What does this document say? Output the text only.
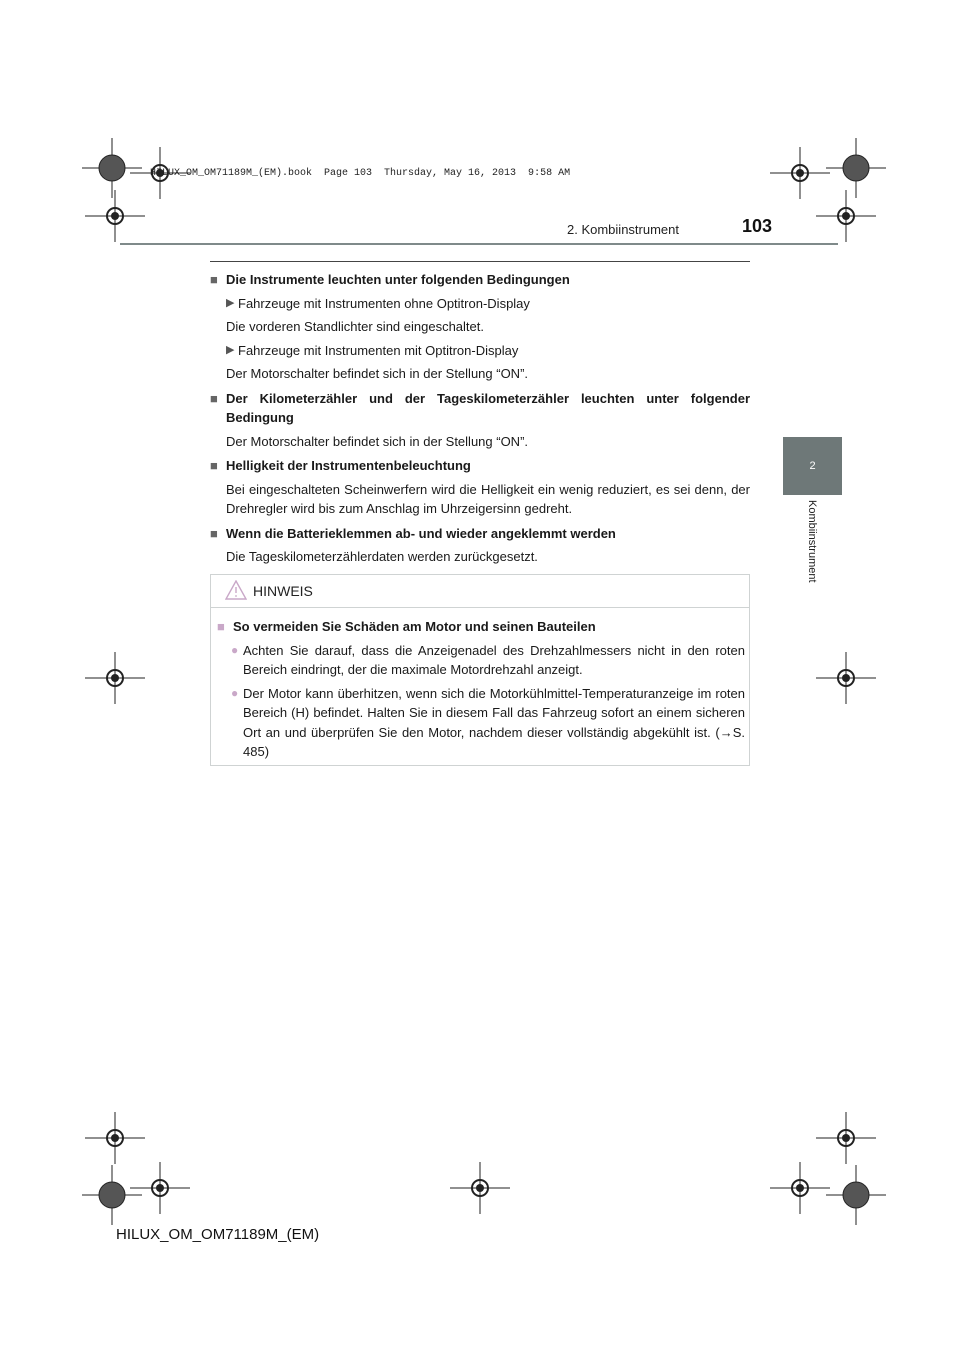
HILUX_OM_OM71189M_(EM).book  Page 103  Thursday, May 16, 2013  9:58 AM
2. Kombiinstrument	103
2
Kombiinstrument
■ Die Instrumente leuchten unter folgenden Bedingungen
▶ Fahrzeuge mit Instrumenten ohne Optitron-Display
Die vorderen Standlichter sind eingeschaltet.
▶ Fahrzeuge mit Instrumenten mit Optitron-Display
Der Motorschalter befindet sich in der Stellung “ON”.
■ Der Kilometerzähler und der Tageskilometerzähler leuchten unter folgender Bedingung
Der Motorschalter befindet sich in der Stellung “ON”.
■ Helligkeit der Instrumentenbeleuchtung
Bei eingeschalteten Scheinwerfern wird die Helligkeit ein wenig reduziert, es sei denn, der Drehregler wird bis zum Anschlag im Uhrzeigersinn gedreht.
■ Wenn die Batterieklemmen ab- und wieder angeklemmt werden
Die Tageskilometerzählerdaten werden zurückgesetzt.
HINWEIS
■ So vermeiden Sie Schäden am Motor und seinen Bauteilen
● Achten Sie darauf, dass die Anzeigenadel des Drehzahlmessers nicht in den roten Bereich eindringt, der die maximale Motordrehzahl anzeigt.
● Der Motor kann überhitzen, wenn sich die Motorkühlmittel-Temperaturanzeige im roten Bereich (H) befindet. Halten Sie in diesem Fall das Fahrzeug sofort an einem sicheren Ort an und überprüfen Sie den Motor, nachdem dieser vollständig abgekühlt ist. (→S. 485)
HILUX_OM_OM71189M_(EM)
